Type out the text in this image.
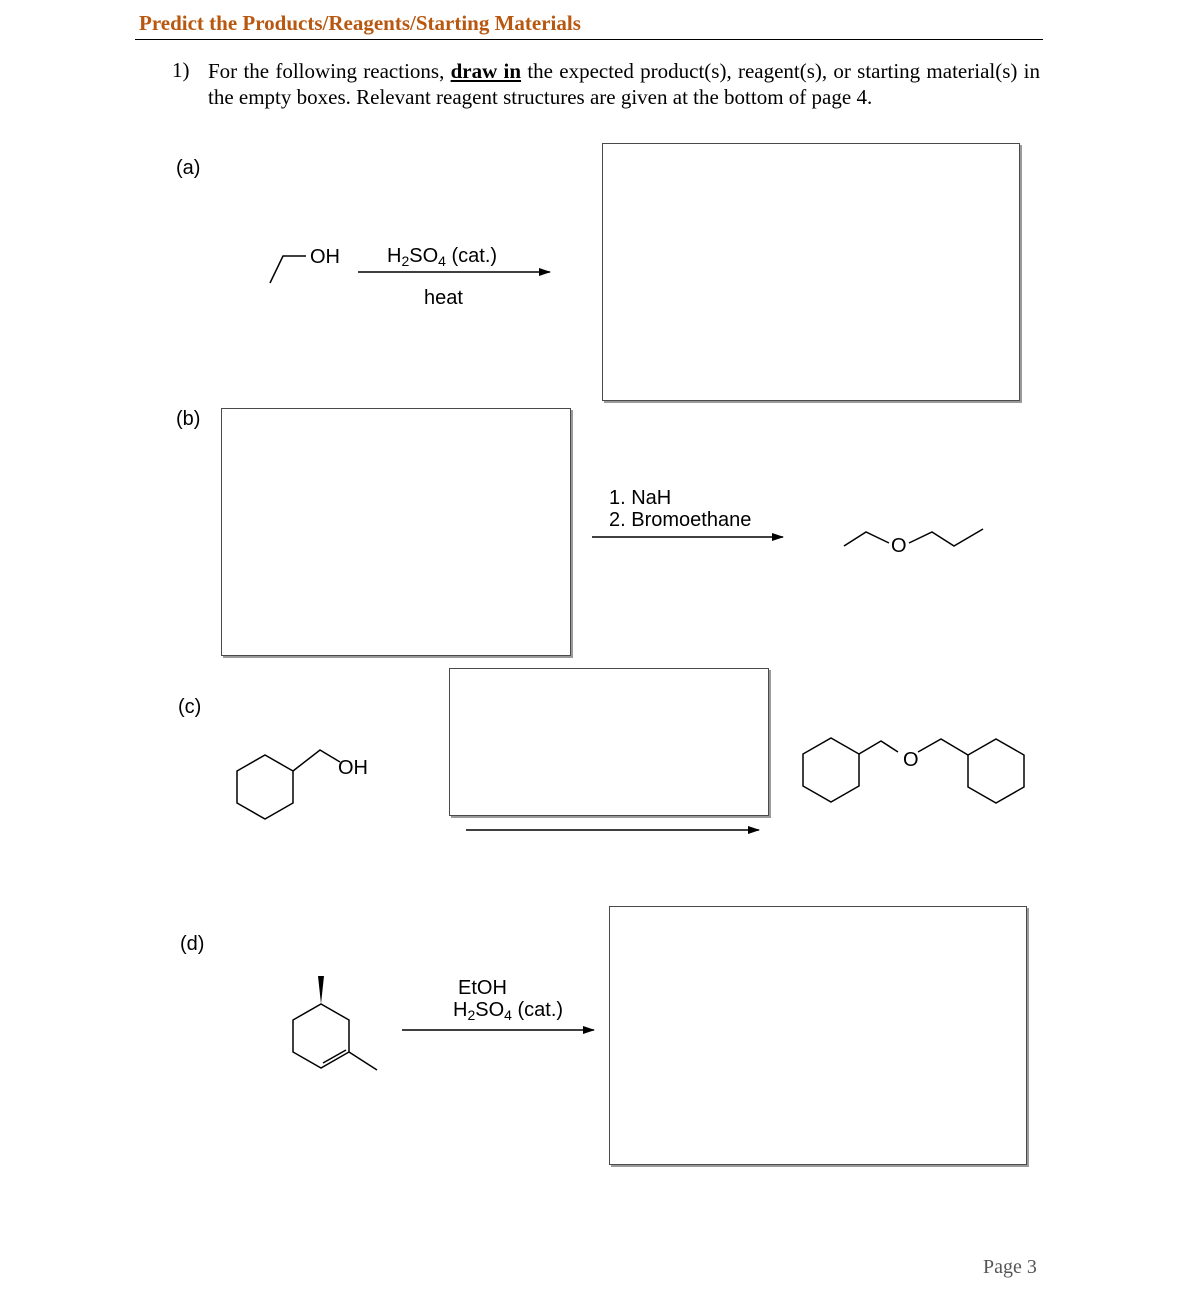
Predict the Products/Reagents/Starting Materials
1) For the following reactions, draw in the expected product(s), reagent(s), or starting material(s) in the empty boxes. Relevant reagent structures are given at the bottom of page 4.
(a)
(b)
(c)
(d)
OH
O
OH	O
$H_2SO_4$ (cat.)
heat
1. NaH
2. Bromoethane
EtOH
$H_2SO_4$ (cat.)
Page 3
